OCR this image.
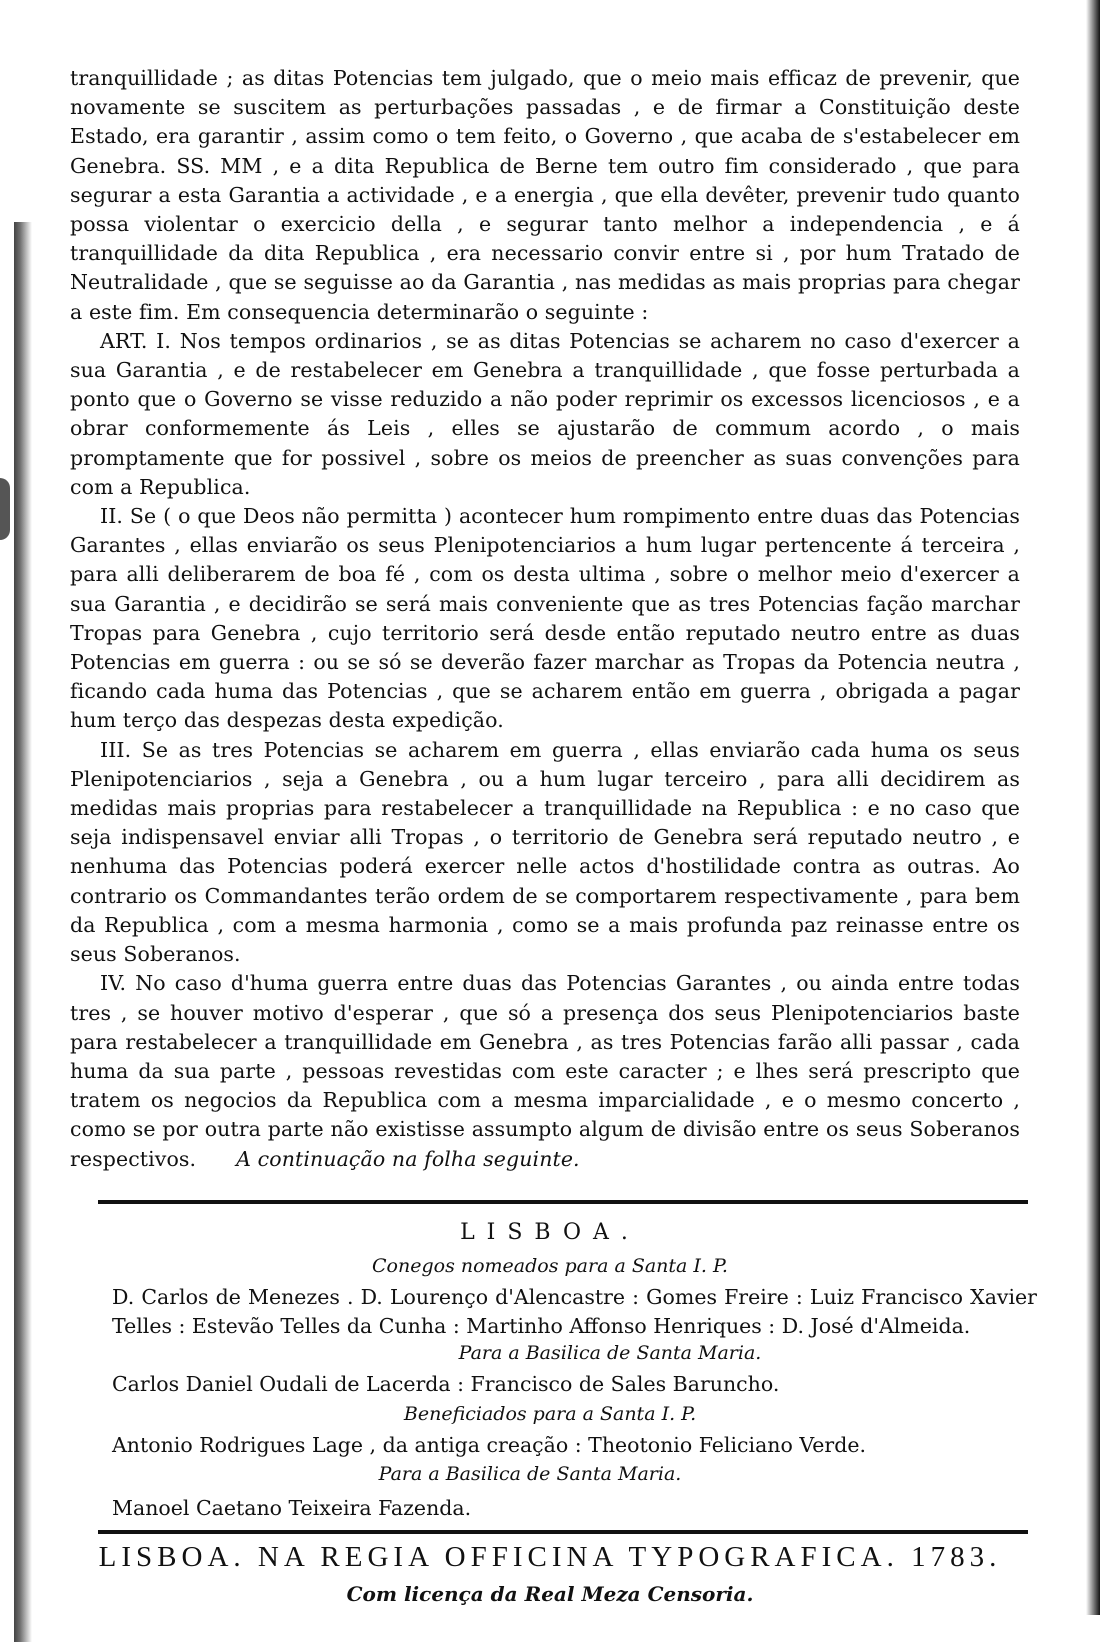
tranquillidade ; as ditas Potencias tem julgado, que o meio mais efficaz de prevenir, que novamente se suscitem as perturbações passadas , e de firmar a Constituição deste Estado, era garantir , assim como o tem feito, o Governo , que acaba de s'estabelecer em Genebra. SS. MM , e a dita Republica de Berne tem outro fim considerado , que para segurar a esta Garantia a actividade , e a energia , que ella devêter, prevenir tudo quanto possa violentar o exercicio della , e segurar tanto melhor a independencia , e á tranquillidade da dita Republica , era necessario convir entre si , por hum Tratado de Neutralidade , que se seguisse ao da Garantia , nas medidas as mais proprias para chegar a este fim. Em consequencia determinarão o seguinte :

ART. I. Nos tempos ordinarios , se as ditas Potencias se acharem no caso d'exercer a sua Garantia , e de restabelecer em Genebra a tranquillidade , que fosse perturbada a ponto que o Governo se visse reduzido a não poder reprimir os excessos licenciosos , e a obrar conformemente ás Leis , elles se ajustarão de commum acordo , o mais promptamente que for possivel , sobre os meios de preencher as suas convenções para com a Republica.

II. Se ( o que Deos não permitta ) acontecer hum rompimento entre duas das Potencias Garantes , ellas enviarão os seus Plenipotenciarios a hum lugar pertencente á terceira , para alli deliberarem de boa fé , com os desta ultima , sobre o melhor meio d'exercer a sua Garantia , e decidirão se será mais conveniente que as tres Potencias fação marchar Tropas para Genebra , cujo territorio será desde então reputado neutro entre as duas Potencias em guerra : ou se só se deverão fazer marchar as Tropas da Potencia neutra , ficando cada huma das Potencias , que se acharem então em guerra , obrigada a pagar hum terço das despezas desta expedição.

III. Se as tres Potencias se acharem em guerra , ellas enviarão cada huma os seus Plenipotenciarios , seja a Genebra , ou a hum lugar terceiro , para alli decidirem as medidas mais proprias para restabelecer a tranquillidade na Republica : e no caso que seja indispensavel enviar alli Tropas , o territorio de Genebra será reputado neutro , e nenhuma das Potencias poderá exercer nelle actos d'hostilidade contra as outras. Ao contrario os Commandantes terão ordem de se comportarem respectivamente , para bem da Republica , com a mesma harmonia , como se a mais profunda paz reinasse entre os seus Soberanos.

IV. No caso d'huma guerra entre duas das Potencias Garantes , ou ainda entre todas tres , se houver motivo d'esperar , que só a presença dos seus Plenipotenciarios baste para restabelecer a tranquillidade em Genebra , as tres Potencias farão alli passar , cada huma da sua parte , pessoas revestidas com este caracter ; e lhes será prescripto que tratem os negocios da Republica com a mesma imparcialidade , e o mesmo concerto , como se por outra parte não existisse assumpto algum de divisão entre os seus Soberanos respectivos. A continuação na folha seguinte.

LISBOA.
Conegos nomeados para a Santa I. P.
D. Carlos de Menezes . D. Lourenço d'Alencastre : Gomes Freire : Luiz Francisco Xavier Telles : Estevão Telles da Cunha : Martinho Affonso Henriques : D. José d'Almeida.
Para a Basilica de Santa Maria.
Carlos Daniel Oudali de Lacerda : Francisco de Sales Baruncho.
Beneficiados para a Santa I. P.
Antonio Rodrigues Lage , da antiga creação : Theotonio Feliciano Verde.
Para a Basilica de Santa Maria.
Manoel Caetano Teixeira Fazenda.
LISBOA. NA REGIA OFFICINA TYPOGRAFICA. 1783.
Com licença da Real Meza Censoria.
